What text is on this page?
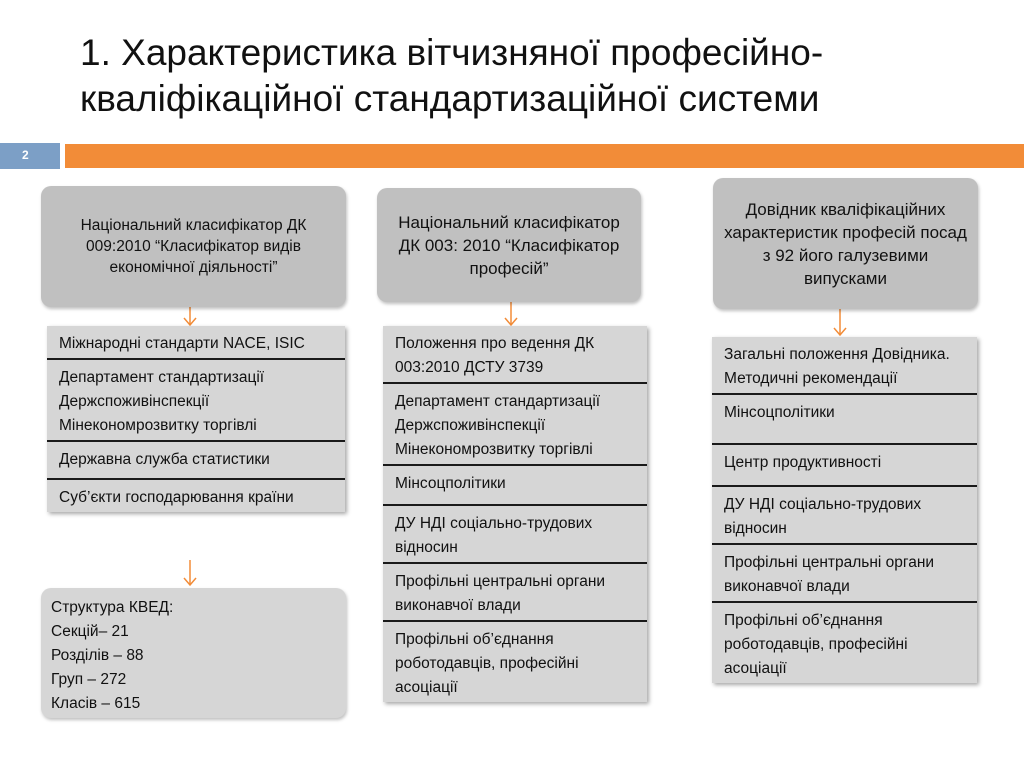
1. Характеристика вітчизняної професійно-
кваліфікаційної стандартизаційної системи
2
Національний класифікатор ДК 009:2010 “Класифікатор видів економічної діяльності”
Національний класифікатор ДК 003: 2010 “Класифікатор професій”
Довідник кваліфікаційних характеристик професій посад з 92 його галузевими випусками
Міжнародні стандарти NACE, ISIC
Департамент стандартизації Держспоживінспекції Мінекономрозвитку торгівлі
Державна служба статистики
Суб’єкти господарювання країни
Положення про ведення ДК 003:2010 ДСТУ 3739
Департамент стандартизації Держспоживінспекції Мінекономрозвитку торгівлі
Мінсоцполітики
ДУ НДІ соціально-трудових відносин
Профільні центральні органи виконавчої влади
Профільні об’єднання роботодавців, професійні асоціації
Загальні положення Довідника. Методичні рекомендації
Мінсоцполітики
Центр продуктивності
ДУ НДІ соціально-трудових відносин
Профільні центральні органи виконавчої влади
Профільні об’єднання роботодавців, професійні асоціації
Структура КВЕД:
Секцій– 21
Розділів – 88
Груп – 272
Класів – 615
